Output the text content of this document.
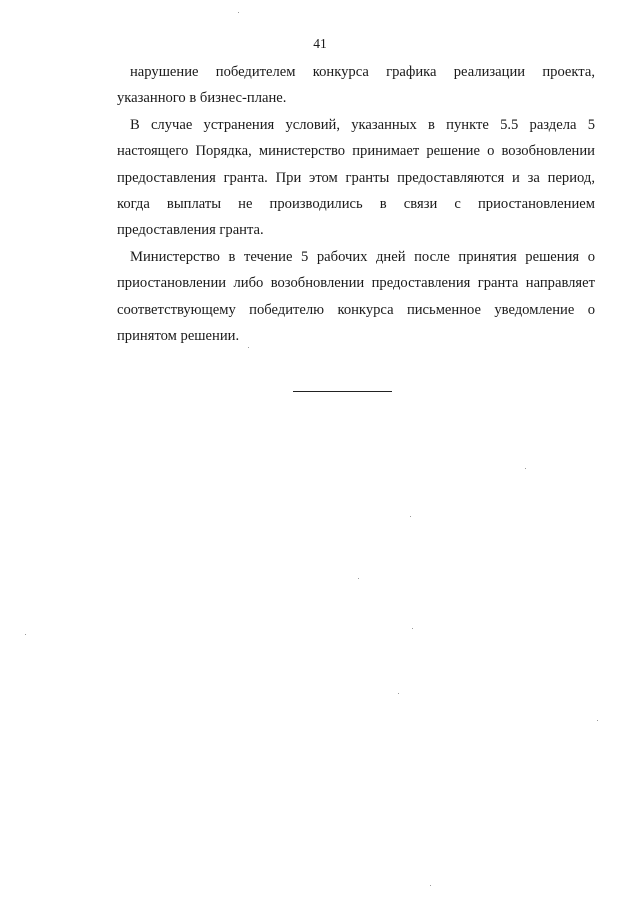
41

нарушение победителем конкурса графика реализации проекта, указанного в бизнес-плане.

В случае устранения условий, указанных в пункте 5.5 раздела 5 настоящего Порядка, министерство принимает решение о возобновлении предоставления гранта. При этом гранты предоставляются и за период, когда выплаты не производились в связи с приостановлением предоставления гранта.

Министерство в течение 5 рабочих дней после принятия решения о приостановлении либо возобновлении предоставления гранта направляет соответствующему победителю конкурса письменное уведомление о принятом решении.
